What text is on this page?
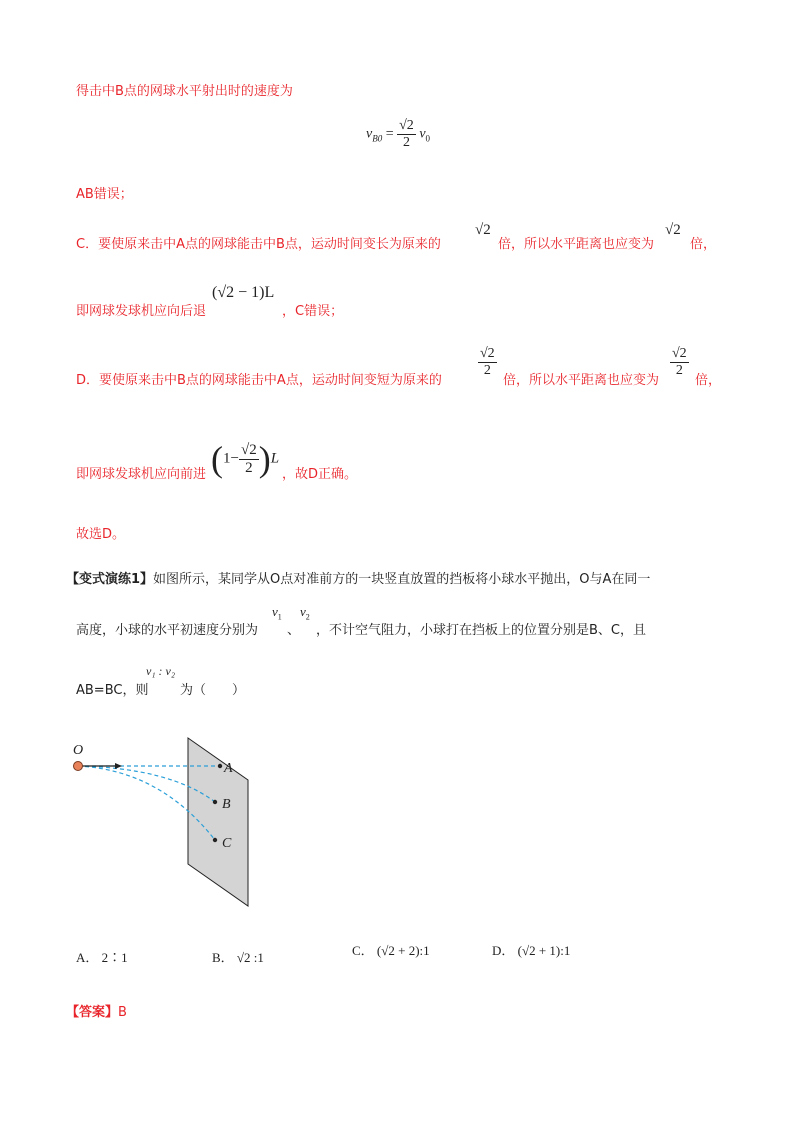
得击中B点的网球水平射出时的速度为
$v_{B0} = \frac{√2}{2} v_0$
AB错误；
C．要使原来击中A点的网球能击中B点，运动时间变长为原来的
√2
倍，所以水平距离也应变为
√2
倍，
即网球发球机应向后退
(√2 − 1)L
，C错误；
D．要使原来击中B点的网球能击中A点，运动时间变短为原来的
$\frac{√2}{2}$
倍，所以水平距离也应变为
$\frac{√2}{2}$
倍，
即网球发球机应向前进 $(1- \frac{√2}{2} )L$
，故D正确。
故选D。
【变式演练1】如图所示，某同学从O点对准前方的一块竖直放置的挡板将小球水平抛出，O与A在同一
高度，小球的水平初速度分别为
$v_1$
、
$v_2$
，不计空气阻力，小球打在挡板上的位置分别是B、C，且
AB=BC，则
v₁ : v₂
为（　　）
O
A
B
C
A． 2∶1	B． √2 :1	C． (√2 + 2):1	D． (√2 + 1):1
【答案】B
